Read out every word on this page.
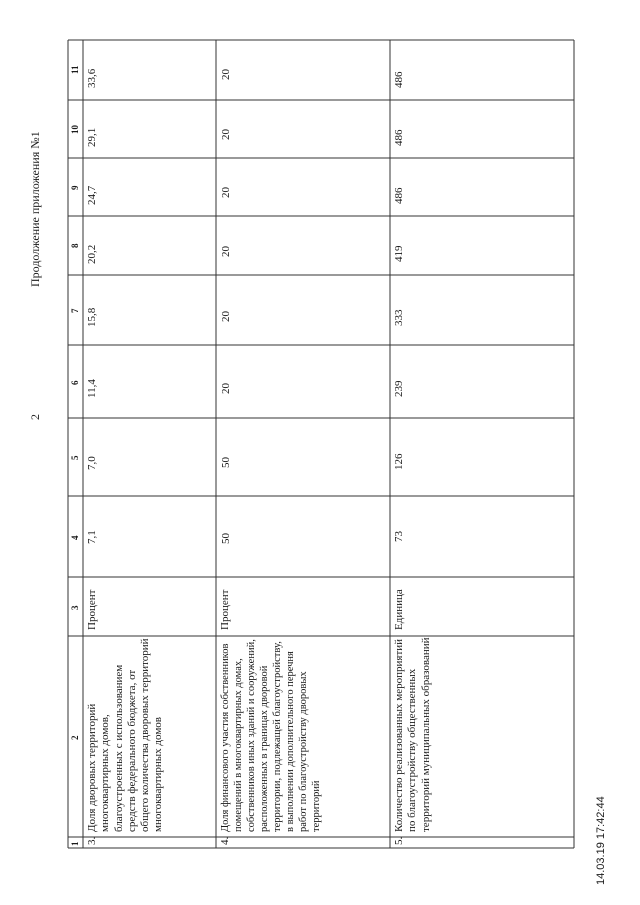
2
Продолжение приложения №1
14.03.19 17:42:44
1
2
3
4
5
6
7
8
9
10
11
3.
Доля дворовых территорий многоквартирных домов, благоустроенных с использованием средств федерального бюджета, от общего количества дворовых территорий многоквартирных домов
Процент
7,1
7,0
11,4
15,8
20,2
24,7
29,1
33,6
4.
Доля финансового участия собственников помещений в многоквартирных домах, собственников иных зданий и сооружений, расположенных в границах дворовой территории, подлежащей благоустройству, в выполнении дополнительного перечня работ по благоустройству дворовых территорий
Процент
50
50
20
20
20
20
20
20
5.
Количество реализованных мероприятий по благоустройству общественных территорий муниципальных образований
Единица
73
126
239
333
419
486
486
486
